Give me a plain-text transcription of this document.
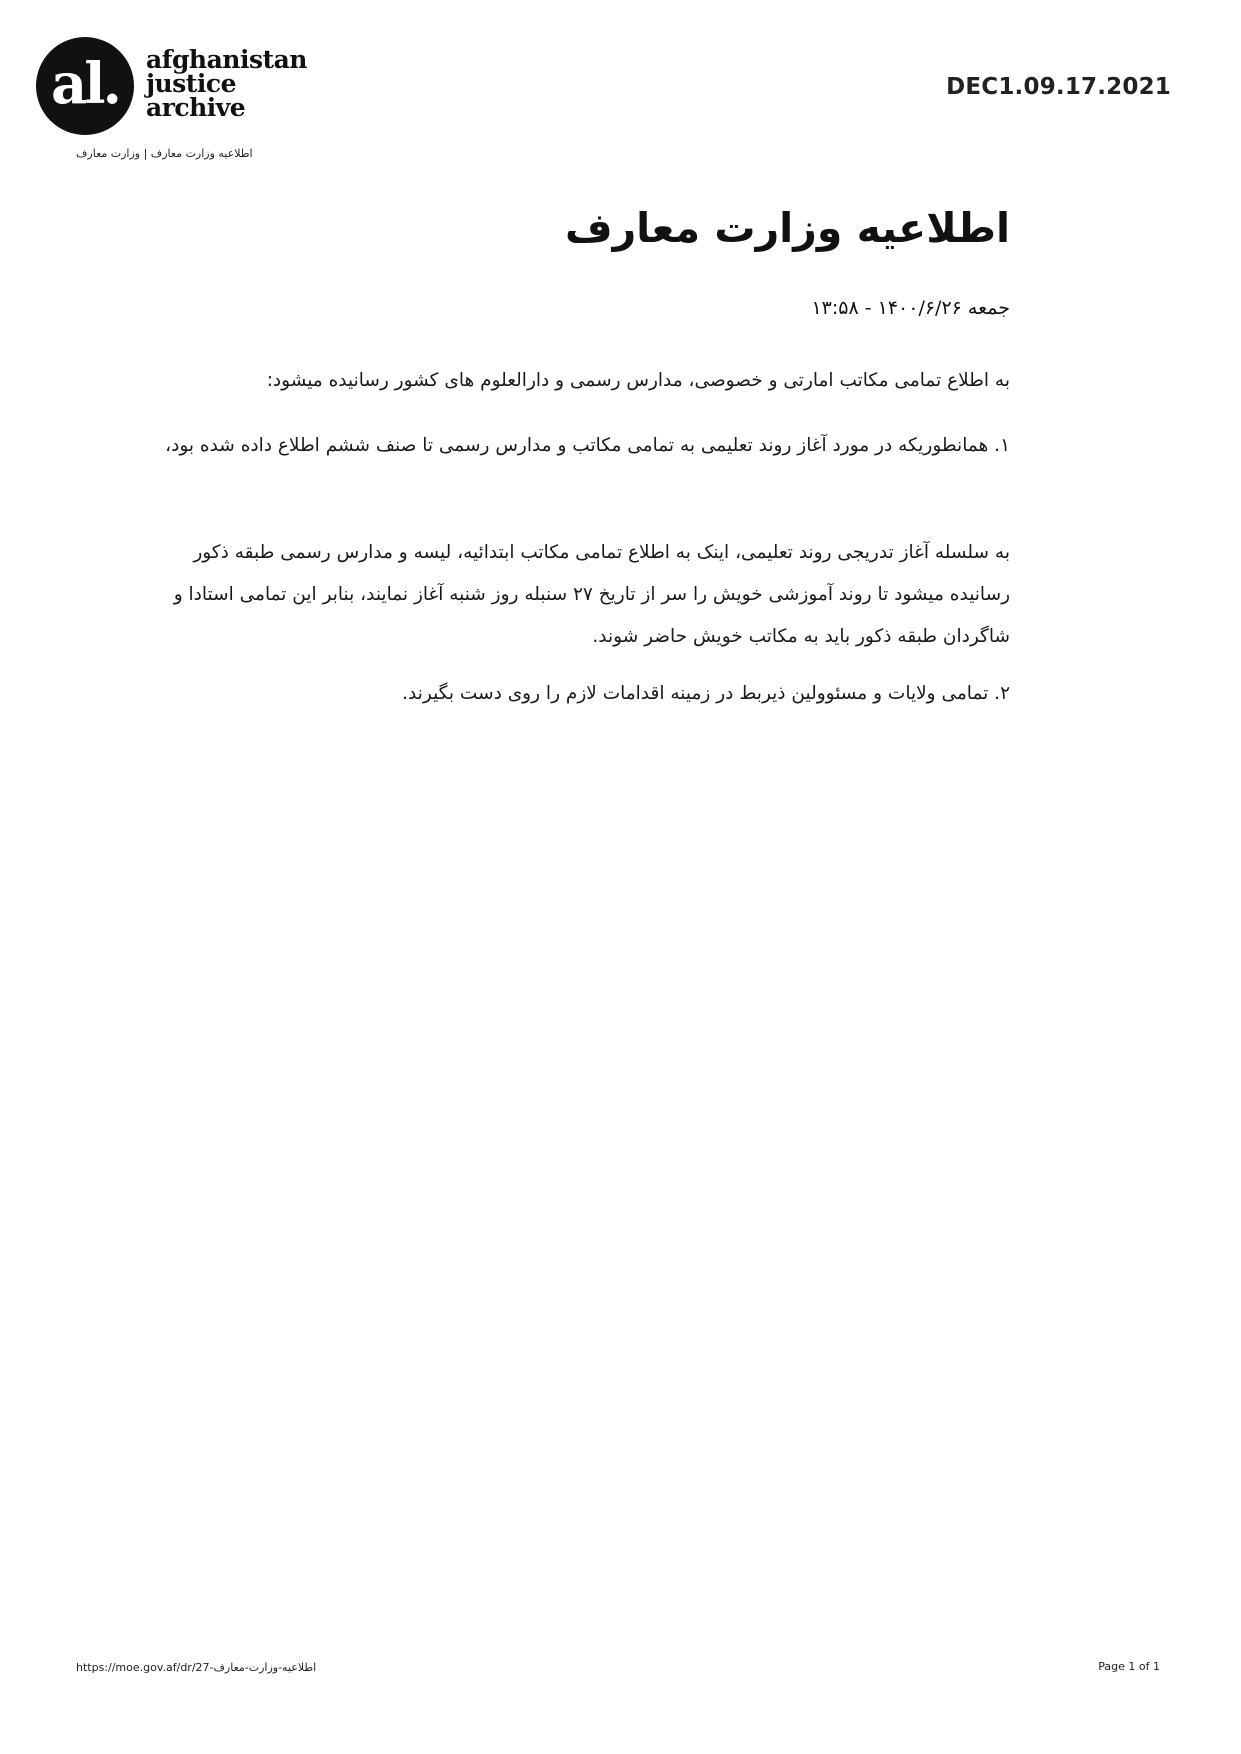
al. afghanistan
justice
archive
DEC1.09.17.2021
اطلاعیه وزارت معارف | وزارت معارف
اطلاعیه وزارت معارف
جمعه ۱۴۰۰/۶/۲۶ - ۱۳:۵۸
به اطلاع تمامی مکاتب امارتی و خصوصی، مدارس رسمی و دارالعلوم های کشور رسانیده میشود:
۱. همانطوریکه در مورد آغاز روند تعلیمی به تمامی مکاتب و مدارس رسمی تا صنف ششم اطلاع داده شده بود،
به سلسله آغاز تدریجی روند تعلیمی، اینک به اطلاع تمامی مکاتب ابتدائیه، لیسه و مدارس رسمی طبقه ذکور رسانیده میشود تا روند آموزشی خویش را سر از تاریخ ۲۷ سنبله روز شنبه آغاز نمایند، بنابر این تمامی استادا و شاگردان طبقه ذکور باید به مکاتب خویش حاضر شوند.
۲. تمامی ولایات و مسئوولین ذیربط در زمینه اقدامات لازم را روی دست بگیرند.
https://moe.gov.af/dr/27-اطلاعیه-وزارت-معارف	Page 1 of 1
